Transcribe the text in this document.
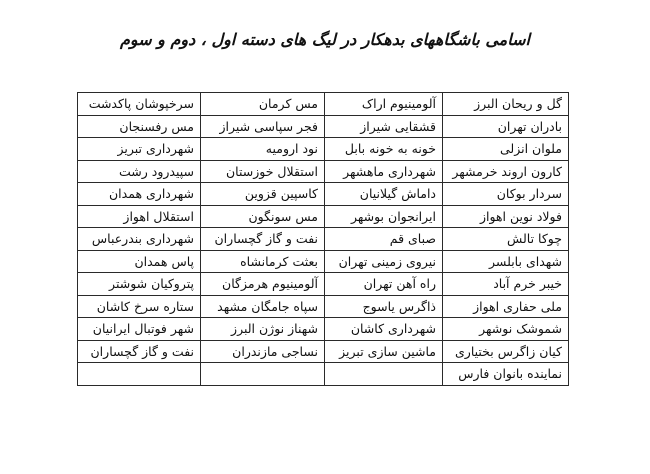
اسامی باشگاههای بدهکار در لیگ های دسته اول ، دوم و سوم
گل و ریحان البرز	آلومینیوم اراک	مس کرمان	سرخپوشان پاکدشت
بادران تهران	قشقایی شیراز	فجر سپاسی شیراز	مس رفسنجان
ملوان انزلی	خونه به خونه بابل	نود ارومیه	شهرداری تبریز
کارون اروند خرمشهر	شهرداری ماهشهر	استقلال خوزستان	سپیدرود رشت
سردار بوکان	داماش گیلانیان	کاسپین قزوین	شهرداری همدان
فولاد نوین اهواز	ایرانجوان بوشهر	مس سونگون	استقلال اهواز
چوکا تالش	صبای قم	نفت و گاز گچساران	شهرداری بندرعباس
شهدای بابلسر	نیروی زمینی تهران	بعثت کرمانشاه	پاس همدان
خیبر خرم آباد	راه آهن تهران	آلومینیوم هرمزگان	پتروکیان شوشتر
ملی حفاری اهواز	ذاگرس یاسوج	سپاه جامگان مشهد	ستاره سرخ کاشان
شموشک نوشهر	شهرداری کاشان	شهناز نوژن البرز	شهر فوتبال ایرانیان
کیان زاگرس بختیاری	ماشین سازی تبریز	نساجی مازندران	نفت و گاز گچساران
نماینده بانوان فارس			
